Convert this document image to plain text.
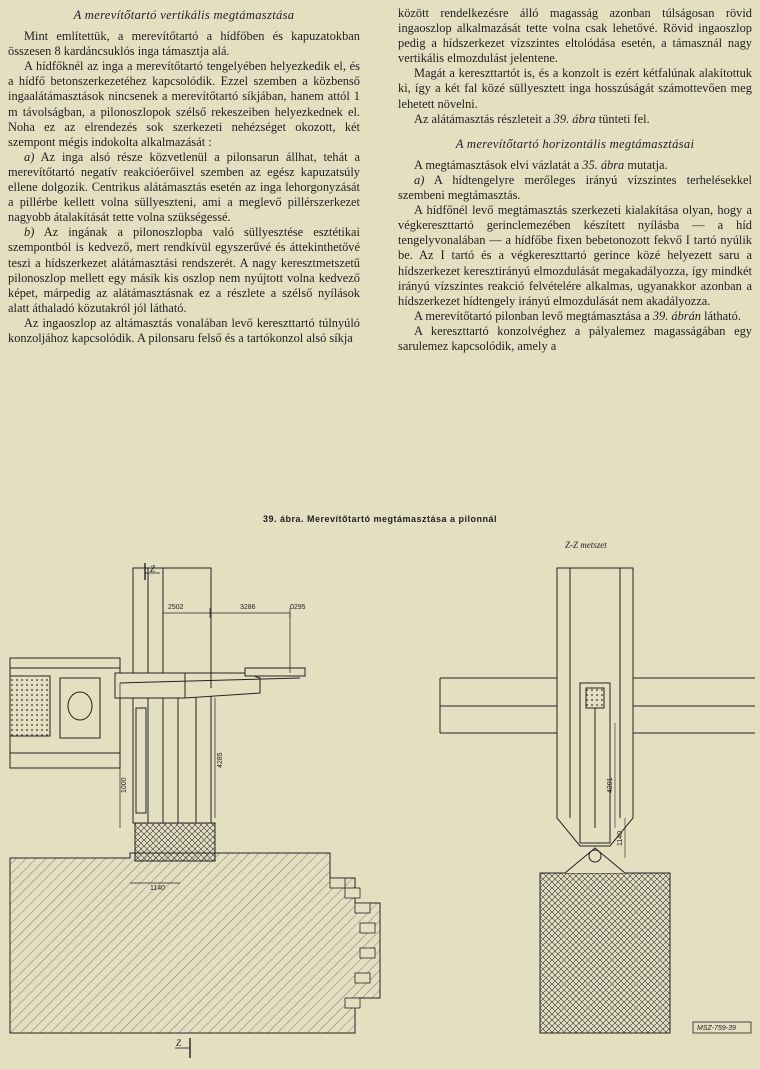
A merevítőtartó vertikális megtámasztása

Mint említettük, a merevítőtartó a hídfőben és kapuzatokban összesen 8 kardáncsuklós inga támasztja alá.

A hídfőknél az inga a merevítőtartó tengelyében helyezkedik el, és a hídfő betonszerkezetéhez kapcsolódik. Ezzel szemben a közbenső ingaalátámasztások nincsenek a merevítőtartó síkjában, hanem attól 1 m távolságban, a pilonoszlopok szélső rekeszeiben helyezkednek el. Noha ez az elrendezés sok szerkezeti nehézséget okozott, két szempont mégis indokolta alkalmazását :

a) Az inga alsó része közvetlenül a pilonsarun állhat, tehát a merevítőtartó negatív reakcióerőivel szemben az egész kapuzatsúly ellene dolgozik. Centrikus alátámasztás esetén az inga lehorgonyzását a pillérbe kellett volna süllyeszteni, ami a meglevő pillérszerkezet nagyobb átalakítását tette volna szükségessé.

b) Az ingának a pilonoszlopba való süllyesztése esztétikai szempontból is kedvező, mert rendkívül egyszerűvé és áttekinthetővé teszi a hídszerkezet alátámasztási rendszerét. A nagy keresztmetszetű pilonoszlop mellett egy másik kis oszlop nem nyújtott volna kedvező képet, márpedig az alátámasztásnak ez a részlete a szélső nyílások alatt áthaladó közutakról jól látható.

Az ingaoszlop az altámasztás vonalában levő kereszttartó túlnyúló konzoljához kapcsolódik. A pilonsaru felső és a tartókonzol alsó síkja

között rendelkezésre álló magasság azonban túlságosan rövid ingaoszlop alkalmazását tette volna csak lehetővé. Rövid ingaoszlop pedig a hídszerkezet vízszintes eltolódása esetén, a támasznál nagy vertikális elmozdulást jelentene.

Magát a kereszttartót is, és a konzolt is ezért kétfalúnak alakítottuk ki, így a két fal közé süllyesztett inga hosszúságát számottevően meg lehetett növelni.

Az alátámasztás részleteit a 39. ábra tünteti fel.

A merevítőtartó horizontális megtámasztásai

A megtámasztások elvi vázlatát a 35. ábra mutatja.

a) A hídtengelyre merőleges irányú vízszintes terhelésekkel szembeni megtámasztás.

A hídfőnél levő megtámasztás szerkezeti kialakítása olyan, hogy a végkereszttartó gerinclemezében készített nyílásba — a híd tengelyvonalában — a hídfőbe fixen bebetonozott fekvő I tartó nyúlik be. Az I tartó és a végkereszttartó gerince közé helyezett saru a hídszerkezet keresztirányú elmozdulását megakadályozza, így mindkét irányú vízszintes reakció felvételére alkalmas, ugyanakkor azonban a hídszerkezet hídtengely irányú elmozdulását nem akadályozza.

A merevítőtartó pilonban levő megtámasztása a 39. ábrán látható.

A kereszttartó konzolvéghez a pályalemez magasságában egy sarulemez kapcsolódik, amely a

39. ábra. Merevítőtartó megtámasztása a pilonnál
2502	3286	0295
4285
1000
1140
Z
Z
Z-Z metszet
4201
1140
MSZ-759-39
